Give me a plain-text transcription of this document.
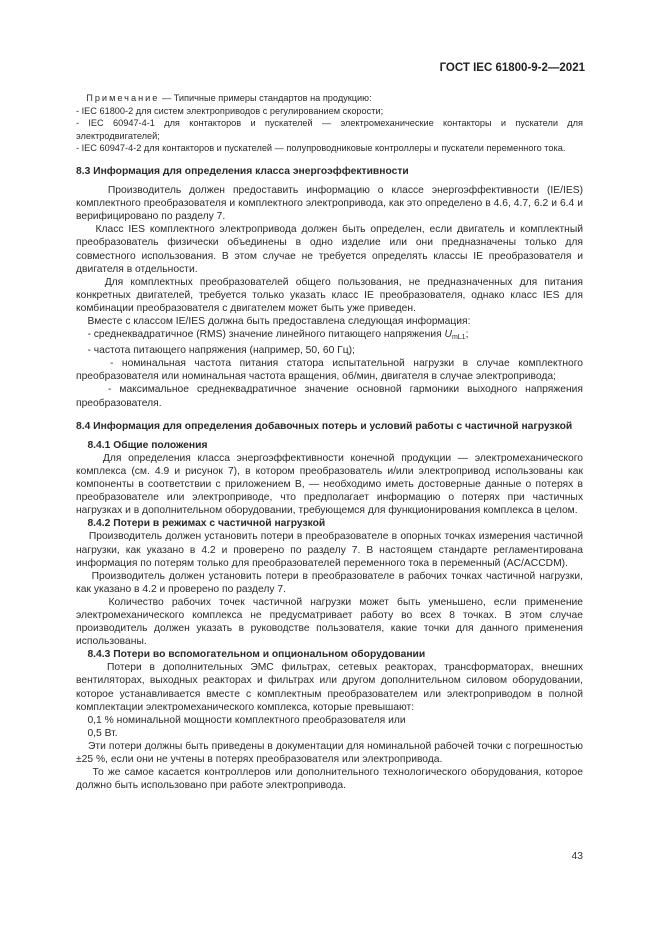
ГОСТ IEC 61800-9-2—2021

Примечание — Типичные примеры стандартов на продукцию:

- IEC 61800-2 для систем электроприводов с регулированием скорости;

- IEC 60947-4-1 для контакторов и пускателей — электромеханические контакторы и пускатели для электродвигателей;

- IEC 60947-4-2 для контакторов и пускателей — полупроводниковые контроллеры и пускатели переменного тока.

8.3 Информация для определения класса энергоэффективности

Производитель должен предоставить информацию о классе энергоэффективности (IE/IES) комплектного преобразователя и комплектного электропривода, как это определено в 4.6, 4.7, 6.2 и 6.4 и верифицировано по разделу 7.

Класс IES комплектного электропривода должен быть определен, если двигатель и комплектный преобразователь физически объединены в одно изделие или они предназначены только для совместного использования. В этом случае не требуется определять классы IE преобразователя и двигателя в отдельности.

Для комплектных преобразователей общего пользования, не предназначенных для питания конкретных двигателей, требуется только указать класс IE преобразователя, однако класс IES для комбинации преобразователя с двигателем может быть уже приведен.

Вместе с классом IE/IES должна быть предоставлена следующая информация:

- среднеквадратичное (RMS) значение линейного питающего напряжения $U_{mL1}$;

- частота питающего напряжения (например, 50, 60 Гц);

- номинальная частота питания статора испытательной нагрузки в случае комплектного преобразователя или номинальная частота вращения, об/мин, двигателя в случае электропривода;

- максимальное среднеквадратичное значение основной гармоники выходного напряжения преобразователя.

8.4 Информация для определения добавочных потерь и условий работы с частичной нагрузкой
8.4.1 Общие положения

Для определения класса энергоэффективности конечной продукции — электромеханического комплекса (см. 4.9 и рисунок 7), в котором преобразователь и/или электропривод использованы как компоненты в соответствии с приложением B, — необходимо иметь достоверные данные о потерях в преобразователе или электроприводе, что предполагает информацию о потерях при частичных нагрузках и в дополнительном оборудовании, требующемся для функционирования комплекса в целом.

8.4.2 Потери в режимах с частичной нагрузкой

Производитель должен установить потери в преобразователе в опорных точках измерения частичной нагрузки, как указано в 4.2 и проверено по разделу 7. В настоящем стандарте регламентирована информация по потерям только для преобразователей переменного тока в переменный (AC/ACCDM).

Производитель должен установить потери в преобразователе в рабочих точках частичной нагрузки, как указано в 4.2 и проверено по разделу 7.

Количество рабочих точек частичной нагрузки может быть уменьшено, если применение электромеханического комплекса не предусматривает работу во всех 8 точках. В этом случае производитель должен указать в руководстве пользователя, какие точки для данного применения использованы.

8.4.3 Потери во вспомогательном и опциональном оборудовании

Потери в дополнительных ЭМС фильтрах, сетевых реакторах, трансформаторах, внешних вентиляторах, выходных реакторах и фильтрах или другом дополнительном силовом оборудовании, которое устанавливается вместе с комплектным преобразователем или электроприводом в полной комплектации электромеханического комплекса, которые превышают:

0,1 % номинальной мощности комплектного преобразователя или

0,5 Вт.

Эти потери должны быть приведены в документации для номинальной рабочей точки с погрешностью ±25 %, если они не учтены в потерях преобразователя или электропривода.

То же самое касается контроллеров или дополнительного технологического оборудования, которое должно быть использовано при работе электропривода.

43
